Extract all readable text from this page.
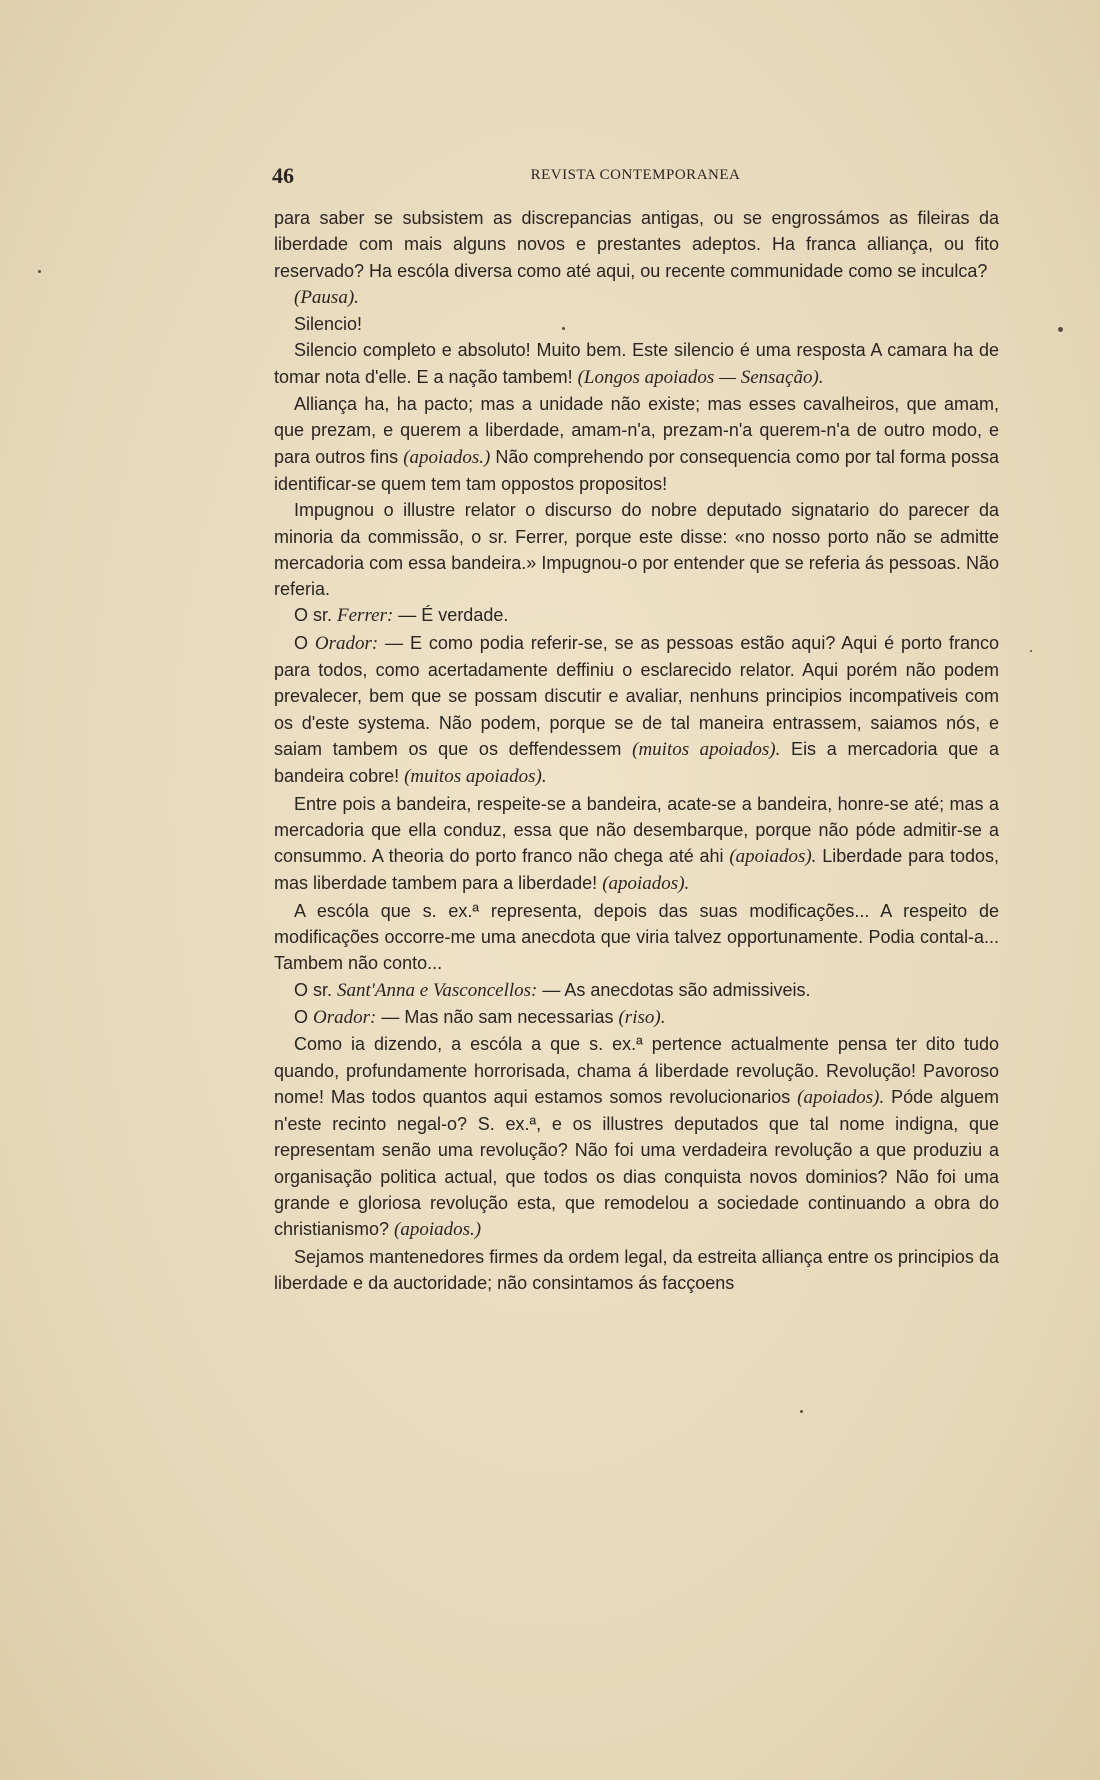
46	REVISTA CONTEMPORANEA

para saber se subsistem as discrepancias antigas, ou se engrossámos as fileiras da liberdade com mais alguns novos e prestantes adeptos. Ha franca alliança, ou fito reservado? Ha escóla diversa como até aqui, ou recente communidade como se inculca?

(Pausa).

Silencio!

Silencio completo e absoluto! Muito bem. Este silencio é uma resposta A camara ha de tomar nota d'elle. E a nação tambem! (Longos apoiados — Sensação).

Alliança ha, ha pacto; mas a unidade não existe; mas esses cavalheiros, que amam, que prezam, e querem a liberdade, amam-n'a, prezam-n'a querem-n'a de outro modo, e para outros fins (apoiados.) Não comprehendo por consequencia como por tal forma possa identificar-se quem tem tam oppostos propositos!

Impugnou o illustre relator o discurso do nobre deputado signatario do parecer da minoria da commissão, o sr. Ferrer, porque este disse: «no nosso porto não se admitte mercadoria com essa bandeira.» Impugnou-o por entender que se referia ás pessoas. Não referia.

O sr. Ferrer: — É verdade.

O Orador: — E como podia referir-se, se as pessoas estão aqui? Aqui é porto franco para todos, como acertadamente deffiniu o esclarecido relator. Aqui porém não podem prevalecer, bem que se possam discutir e avaliar, nenhuns principios incompativeis com os d'este systema. Não podem, porque se de tal maneira entrassem, saiamos nós, e saiam tambem os que os deffendessem (muitos apoiados). Eis a mercadoria que a bandeira cobre! (muitos apoiados).

Entre pois a bandeira, respeite-se a bandeira, acate-se a bandeira, honre-se até; mas a mercadoria que ella conduz, essa que não desembarque, porque não póde admitir-se a consummo. A theoria do porto franco não chega até ahi (apoiados). Liberdade para todos, mas liberdade tambem para a liberdade! (apoiados).

A escóla que s. ex.ª representa, depois das suas modificações... A respeito de modificações occorre-me uma anecdota que viria talvez opportunamente. Podia contal-a... Tambem não conto...

O sr. Sant'Anna e Vasconcellos: — As anecdotas são admissiveis.

O Orador: — Mas não sam necessarias (riso).

Como ia dizendo, a escóla a que s. ex.ª pertence actualmente pensa ter dito tudo quando, profundamente horrorisada, chama á liberdade revolução. Revolução! Pavoroso nome! Mas todos quantos aqui estamos somos revolucionarios (apoiados). Póde alguem n'este recinto negal-o? S. ex.ª, e os illustres deputados que tal nome indigna, que representam senão uma revolução? Não foi uma verdadeira revolução a que produziu a organisação politica actual, que todos os dias conquista novos dominios? Não foi uma grande e gloriosa revolução esta, que remodelou a sociedade continuando a obra do christianismo? (apoiados.)

Sejamos mantenedores firmes da ordem legal, da estreita alliança entre os principios da liberdade e da auctoridade; não consintamos ás facçoens
